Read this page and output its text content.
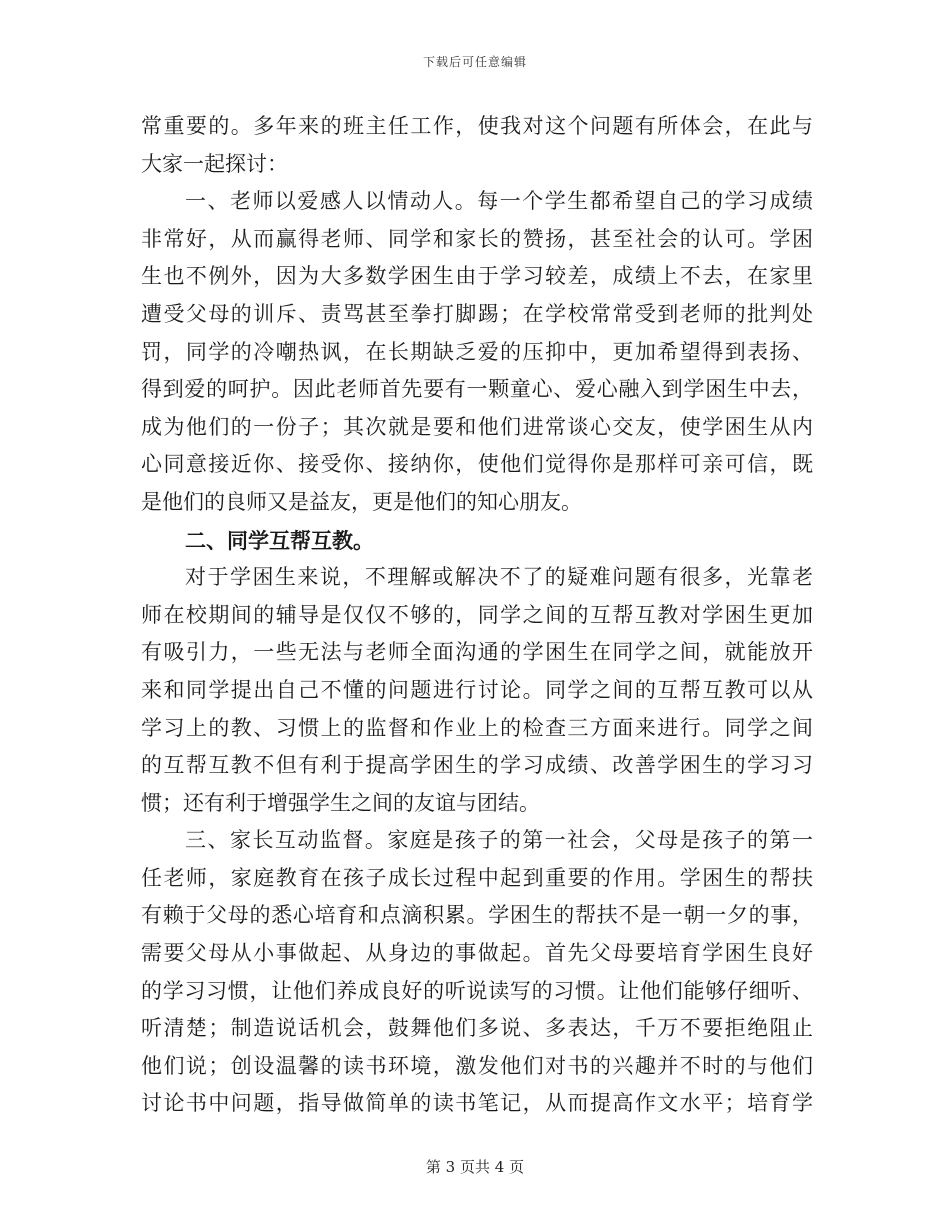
下载后可任意编辑
常重要的。多年来的班主任工作，使我对这个问题有所体会，在此与
大家一起探讨：
一、老师以爱感人以情动人。每一个学生都希望自己的学习成绩
非常好，从而赢得老师、同学和家长的赞扬，甚至社会的认可。学困
生也不例外，因为大多数学困生由于学习较差，成绩上不去，在家里
遭受父母的训斥、责骂甚至拳打脚踢；在学校常常受到老师的批判处
罚，同学的冷嘲热讽，在长期缺乏爱的压抑中，更加希望得到表扬、
得到爱的呵护。因此老师首先要有一颗童心、爱心融入到学困生中去，
成为他们的一份子；其次就是要和他们进常谈心交友，使学困生从内
心同意接近你、接受你、接纳你，使他们觉得你是那样可亲可信，既
是他们的良师又是益友，更是他们的知心朋友。
二、同学互帮互教。
对于学困生来说，不理解或解决不了的疑难问题有很多，光靠老
师在校期间的辅导是仅仅不够的，同学之间的互帮互教对学困生更加
有吸引力，一些无法与老师全面沟通的学困生在同学之间，就能放开
来和同学提出自己不懂的问题进行讨论。同学之间的互帮互教可以从
学习上的教、习惯上的监督和作业上的检查三方面来进行。同学之间
的互帮互教不但有利于提高学困生的学习成绩、改善学困生的学习习
惯；还有利于增强学生之间的友谊与团结。
三、家长互动监督。家庭是孩子的第一社会，父母是孩子的第一
任老师，家庭教育在孩子成长过程中起到重要的作用。学困生的帮扶
有赖于父母的悉心培育和点滴积累。学困生的帮扶不是一朝一夕的事，
需要父母从小事做起、从身边的事做起。首先父母要培育学困生良好
的学习习惯，让他们养成良好的听说读写的习惯。让他们能够仔细听、
听清楚；制造说话机会，鼓舞他们多说、多表达，千万不要拒绝阻止
他们说；创设温馨的读书环境，激发他们对书的兴趣并不时的与他们
讨论书中问题，指导做简单的读书笔记，从而提高作文水平；培育学
第 3 页共 4 页
